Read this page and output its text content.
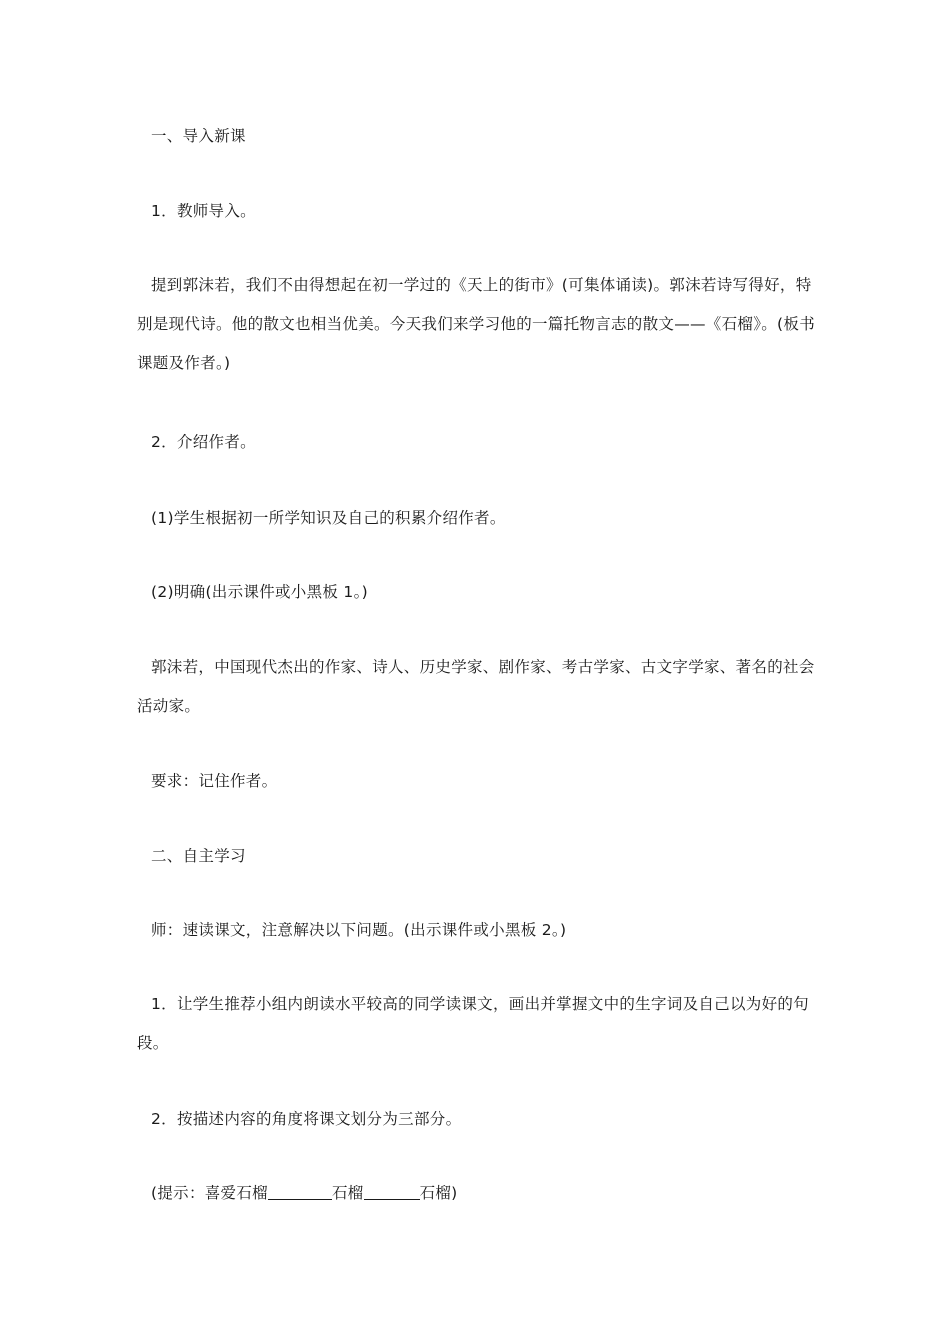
一、导入新课

1．教师导入。

提到郭沫若，我们不由得想起在初一学过的《天上的街市》(可集体诵读)。郭沫若诗写得好，特别是现代诗。他的散文也相当优美。今天我们来学习他的一篇托物言志的散文——《石榴》。(板书课题及作者。)

2．介绍作者。

(1)学生根据初一所学知识及自己的积累介绍作者。

(2)明确(出示课件或小黑板 1。)

郭沫若，中国现代杰出的作家、诗人、历史学家、剧作家、考古学家、古文字学家、著名的社会活动家。

要求：记住作者。

二、自主学习

师：速读课文，注意解决以下问题。(出示课件或小黑板 2。)

1．让学生推荐小组内朗读水平较高的同学读课文，画出并掌握文中的生字词及自己以为好的句段。

2．按描述内容的角度将课文划分为三部分。

(提示：喜爱石榴	石榴	石榴)
